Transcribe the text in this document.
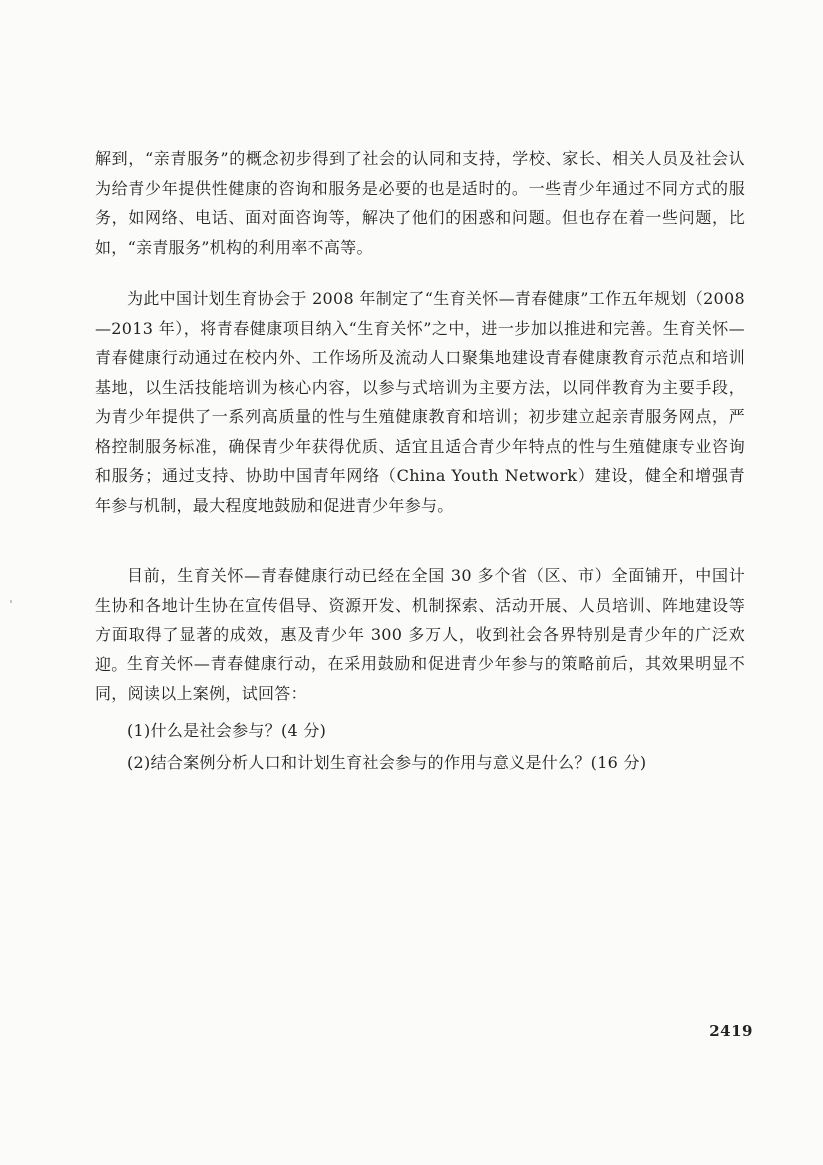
解到，“亲青服务”的概念初步得到了社会的认同和支持，学校、家长、相关人员及社会认为给青少年提供性健康的咨询和服务是必要的也是适时的。一些青少年通过不同方式的服务，如网络、电话、面对面咨询等，解决了他们的困惑和问题。但也存在着一些问题，比如，“亲青服务”机构的利用率不高等。

为此中国计划生育协会于 2008 年制定了“生育关怀—青春健康”工作五年规划（2008—2013 年），将青春健康项目纳入“生育关怀”之中，进一步加以推进和完善。生育关怀—青春健康行动通过在校内外、工作场所及流动人口聚集地建设青春健康教育示范点和培训基地，以生活技能培训为核心内容，以参与式培训为主要方法，以同伴教育为主要手段，为青少年提供了一系列高质量的性与生殖健康教育和培训；初步建立起亲青服务网点，严格控制服务标准，确保青少年获得优质、适宜且适合青少年特点的性与生殖健康专业咨询和服务；通过支持、协助中国青年网络（China Youth Network）建设，健全和增强青年参与机制，最大程度地鼓励和促进青少年参与。

目前，生育关怀—青春健康行动已经在全国 30 多个省（区、市）全面铺开，中国计生协和各地计生协在宣传倡导、资源开发、机制探索、活动开展、人员培训、阵地建设等方面取得了显著的成效，惠及青少年 300 多万人，收到社会各界特别是青少年的广泛欢迎。 生育关怀—青春健康行动，在采用鼓励和促进青少年参与的策略前后，其效果明显不同，阅读以上案例，试回答：

(1)什么是社会参与？(4 分)

(2)结合案例分析人口和计划生育社会参与的作用与意义是什么？(16 分)

2419
